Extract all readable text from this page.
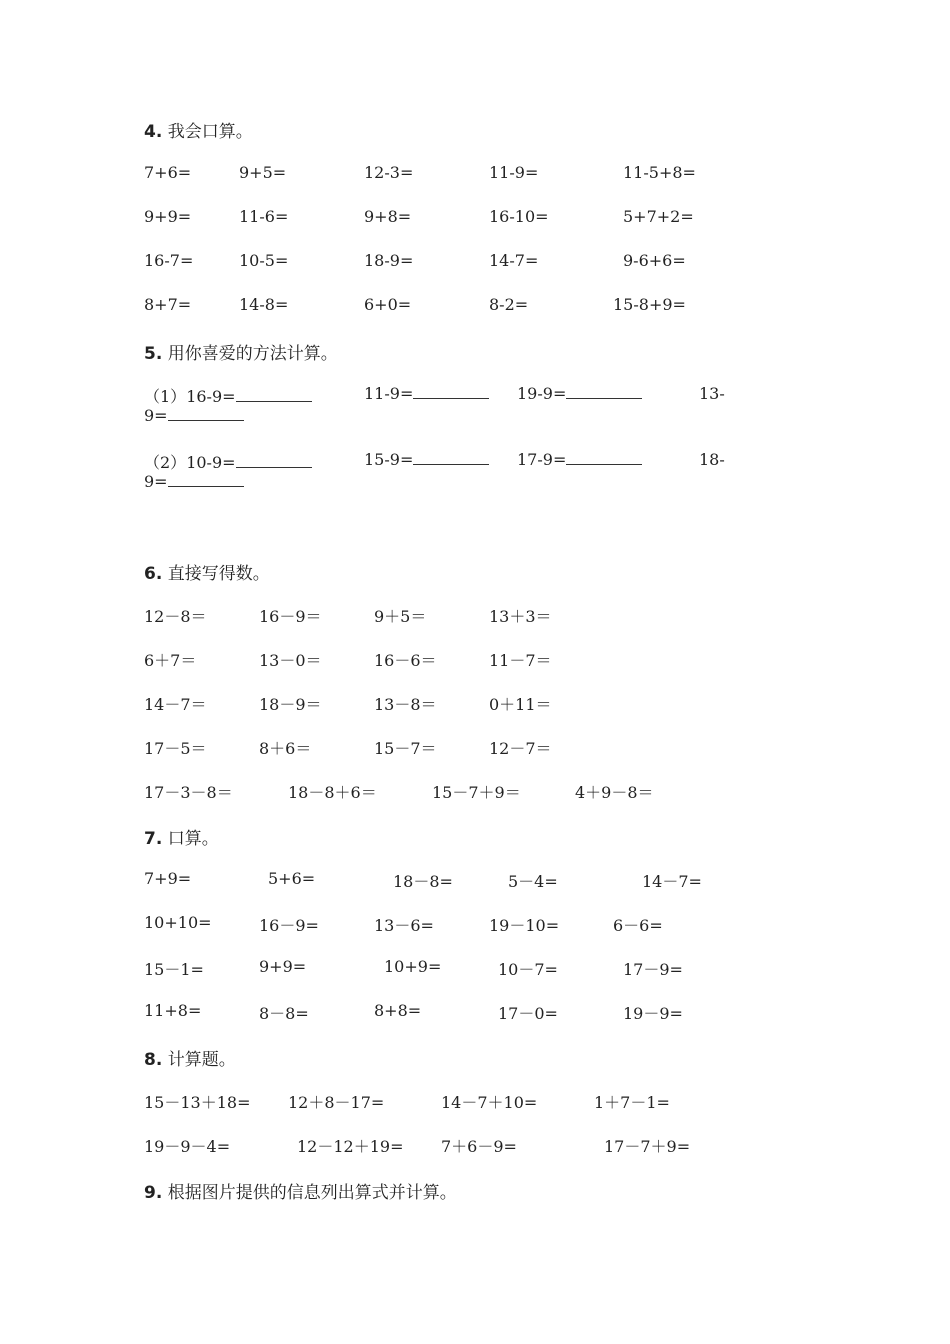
4. 我会口算。
7+6=	9+5=	12-3=	11-9=	11-5+8=
9+9=	11-6=	9+8=	16-10=	5+7+2=
16-7=	10-5=	18-9=	14-7=	9-6+6=
8+7=	14-8=	6+0=	8-2=	15-8+9=
5. 用你喜爱的方法计算。
（1）16-9=	11-9=	19-9=	13-
9=
（2）10-9=	15-9=	17-9=	18-
9=
6. 直接写得数。
12－8＝	16－9＝	9＋5＝	13＋3＝
6＋7＝	13－0＝	16－6＝	11－7＝
14－7＝	18－9＝	13－8＝	0＋11＝
17－5＝	8＋6＝	15－7＝	12－7＝
17－3－8＝	18－8＋6＝	15－7＋9＝	4＋9－8＝
7. 口算。
7+9=	5+6=	18－8=	5－4=	14－7=
10+10=	16－9=	13－6=	19－10=	6－6=
15－1=	9+9=	10+9=	10－7=	17－9=
11+8=	8－8=	8+8=	17－0=	19－9=
8. 计算题。
15－13＋18= 12＋8－17=	14－7＋10=	1＋7－1=
19－9－4=	12－12＋19= 7＋6－9=	17－7＋9=
9. 根据图片提供的信息列出算式并计算。
